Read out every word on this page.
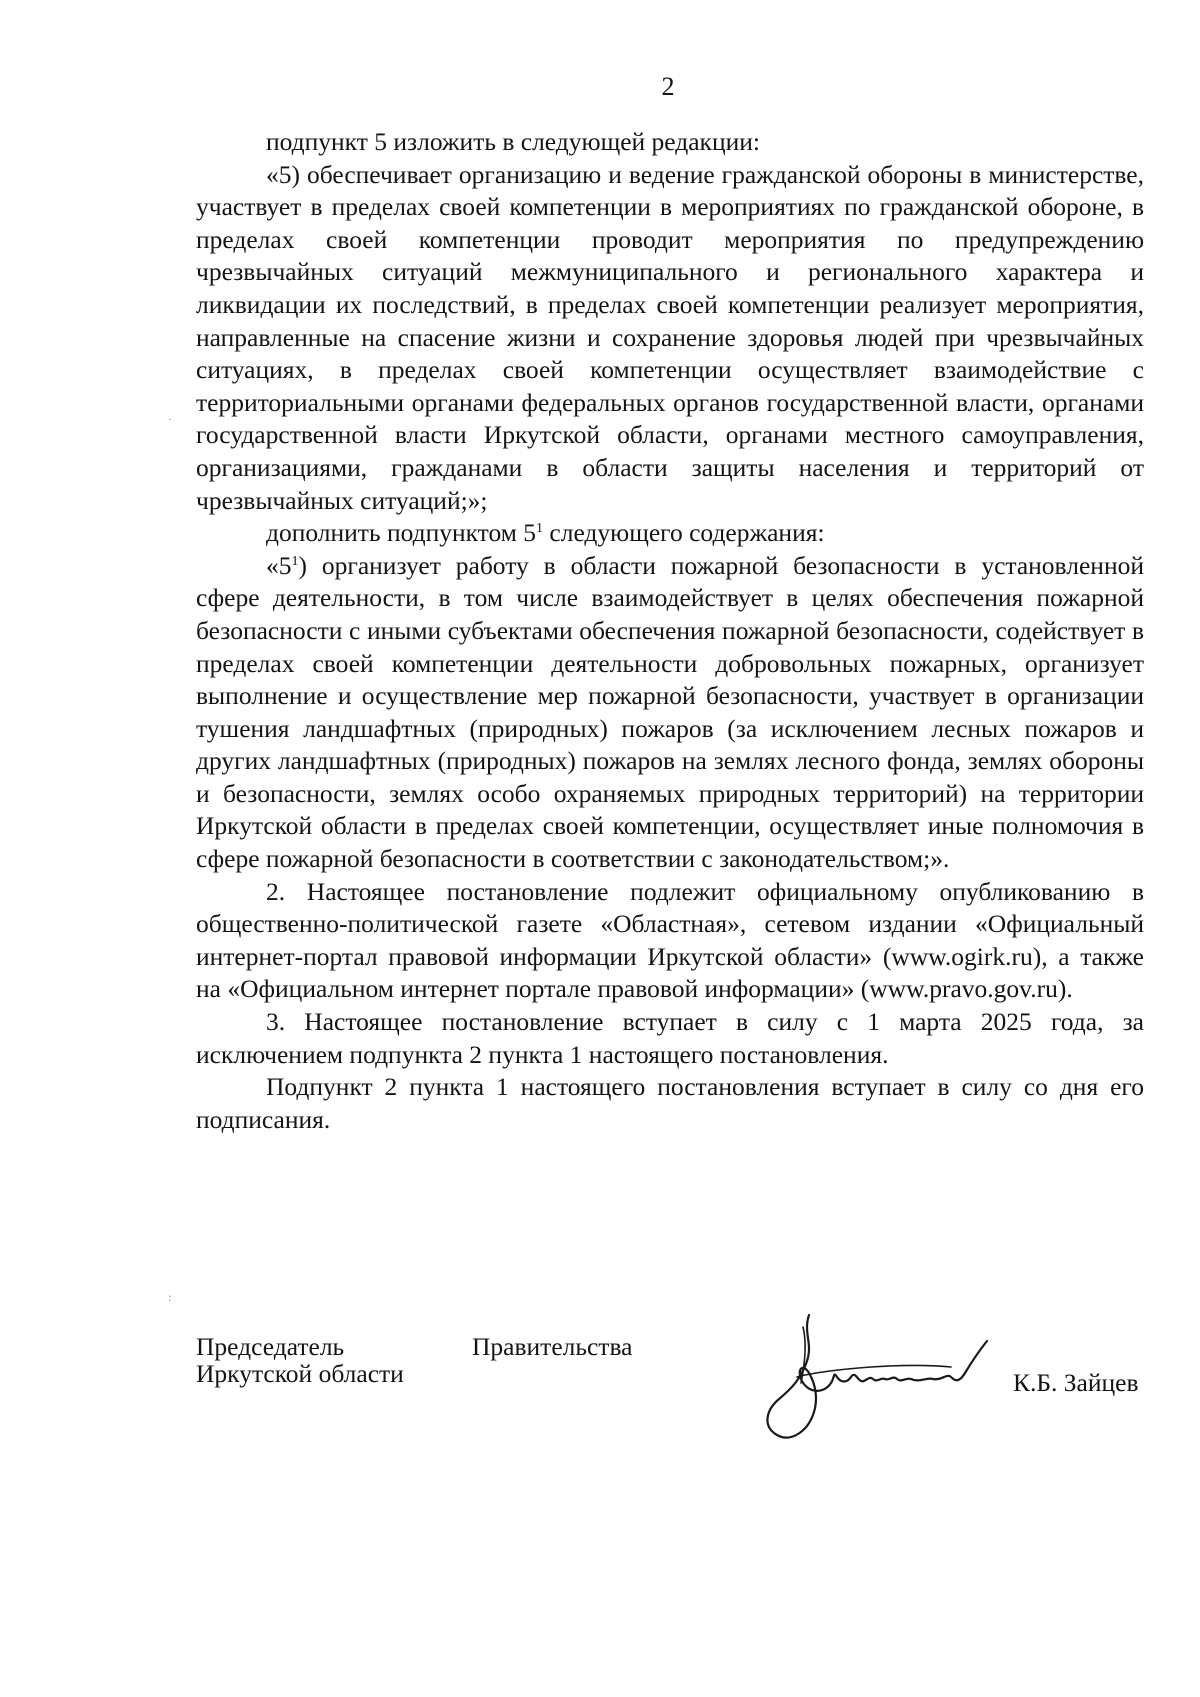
2

подпункт 5 изложить в следующей редакции:

«5) обеспечивает организацию и ведение гражданской обороны в министерстве, участвует в пределах своей компетенции в мероприятиях по гражданской обороне, в пределах своей компетенции проводит мероприятия по предупреждению чрезвычайных ситуаций межмуниципального и регионального характера и ликвидации их последствий, в пределах своей компетенции реализует мероприятия, направленные на спасение жизни и сохранение здоровья людей при чрезвычайных ситуациях, в пределах своей компетенции осуществляет взаимодействие с территориальными органами федеральных органов государственной власти, органами государственной власти Иркутской области, органами местного самоуправления, организациями, гражданами в области защиты населения и территорий от чрезвычайных ситуаций;»;

дополнить подпунктом $5^1$ следующего содержания:

«$5^1$) организует работу в области пожарной безопасности в установленной сфере деятельности, в том числе взаимодействует в целях обеспечения пожарной безопасности с иными субъектами обеспечения пожарной безопасности, содействует в пределах своей компетенции деятельности добровольных пожарных, организует выполнение и осуществление мер пожарной безопасности, участвует в организации тушения ландшафтных (природных) пожаров (за исключением лесных пожаров и других ландшафтных (природных) пожаров на землях лесного фонда, землях обороны и безопасности, землях особо охраняемых природных территорий) на территории Иркутской области в пределах своей компетенции, осуществляет иные полномочия в сфере пожарной безопасности в соответствии с законодательством;».

2. Настоящее постановление подлежит официальному опубликованию в общественно-политической газете «Областная», сетевом издании «Официальный интернет-портал правовой информации Иркутской области» (www.ogirk.ru), а также на «Официальном интернет портале правовой информации» (www.pravo.gov.ru).

3. Настоящее постановление вступает в силу с 1 марта 2025 года, за исключением подпункта 2 пункта 1 настоящего постановления.

Подпункт 2 пункта 1 настоящего постановления вступает в силу со дня его подписания.

Председатель	Правительства
Иркутской области	К.Б. Зайцев
·
:
